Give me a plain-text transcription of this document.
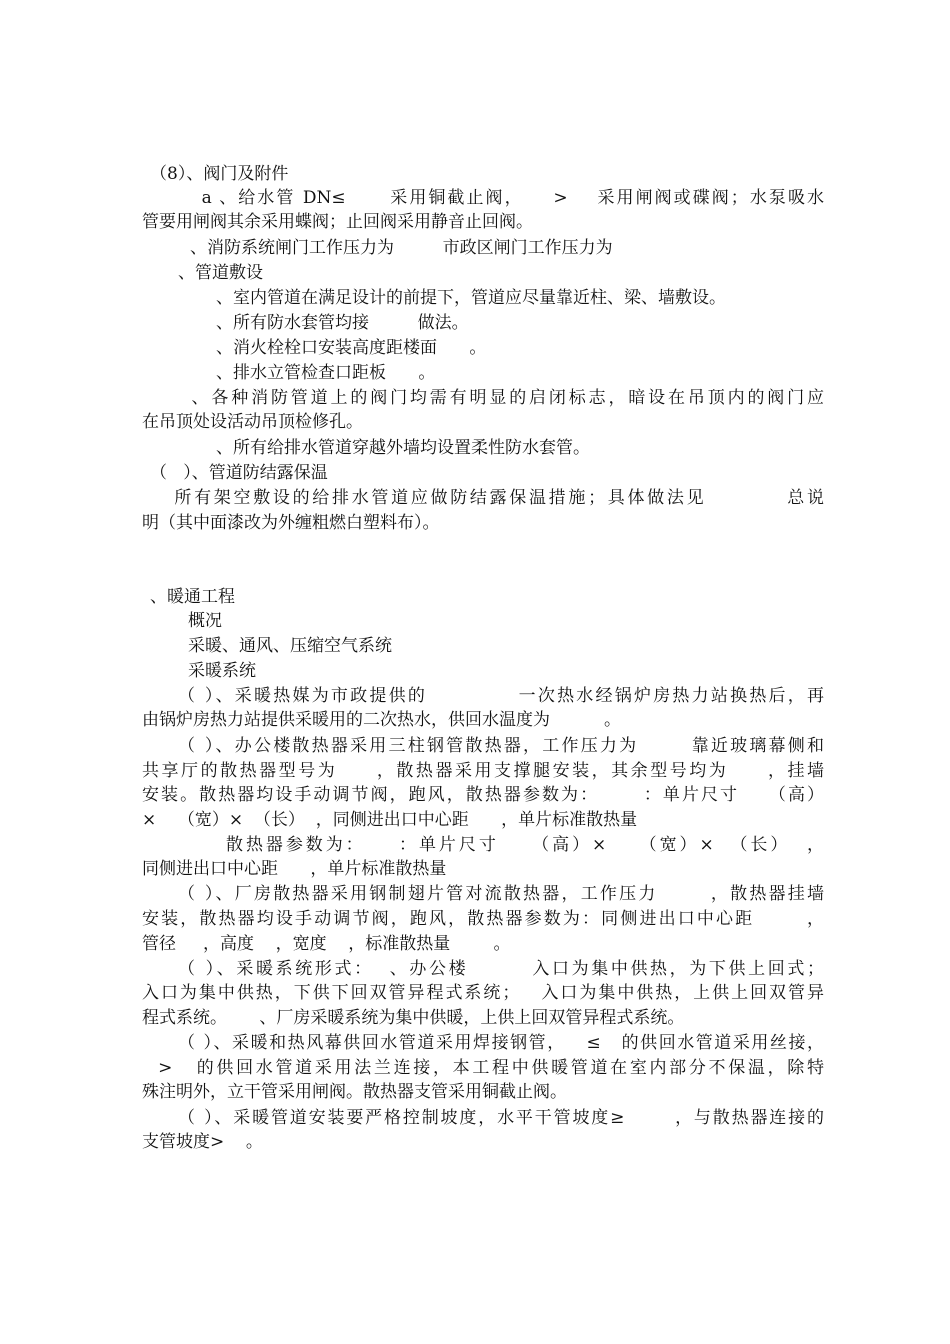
（8）、阀门及附件

a 、给水管 DN≤      采用铜截止阀，    >    采用闸阀或碟阀；水泵吸水

管要用闸阀其余采用蝶阀；止回阀采用静音止回阀。

、消防系统闸门工作压力为         市政区闸门工作压力为

、管道敷设

、室内管道在满足设计的前提下，管道应尽量靠近柱、梁、墙敷设。

、所有防水套管均接         做法。

、消火栓栓口安装高度距楼面      。

、排水立管检查口距板      。

、各种消防管道上的阀门均需有明显的启闭标志，暗设在吊顶内的阀门应

在吊顶处设活动吊顶检修孔。

、所有给排水管道穿越外墙均设置柔性防水套管。

（   ）、管道防结露保温

所有架空敷设的给排水管道应做防结露保温措施；具体做法见          总说

明（其中面漆改为外缠粗燃白塑料布）。

、暖通工程

概况

采暖、通风、压缩空气系统

采暖系统

（ ）、采暖热媒为市政提供的            一次热水经锅炉房热力站换热后，再

由锅炉房热力站提供采暖用的二次热水，供回水温度为          。

（ ）、办公楼散热器采用三柱钢管散热器，工作压力为       靠近玻璃幕侧和

共享厅的散热器型号为     ，散热器采用支撑腿安装，其余型号均为     ，挂墙

安装。散热器均设手动调节阀，跑风，散热器参数为：      ：单片尺寸    （高）

×    （宽）×  （长）  ，同侧进出口中心距      ，单片标准散热量

散热器参数为：    ：单片尺寸    （高）×    （宽）×  （长）  ，

同侧进出口中心距      ，单片标准散热量

（ ）、厂房散热器采用钢制翅片管对流散热器，工作压力       ，散热器挂墙

安装，散热器均设手动调节阀，跑风，散热器参数为：同侧进出口中心距       ，

管径     ，高度    ，宽度    ，标准散热量        。

（ ）、采暖系统形式：  、办公楼        入口为集中供热，为下供上回式；

入口为集中供热，下供下回双管异程式系统；   入口为集中供热，上供上回双管异

程式系统。      、厂房采暖系统为集中供暖，上供上回双管异程式系统。

（ ）、采暖和热风幕供回水管道采用焊接钢管，   ≤   的供回水管道采用丝接，

>   的供回水管道采用法兰连接，本工程中供暖管道在室内部分不保温，除特

殊注明外，立干管采用闸阀。散热器支管采用铜截止阀。

（ ）、采暖管道安装要严格控制坡度，水平干管坡度≥       ，与散热器连接的

支管坡度>    。
